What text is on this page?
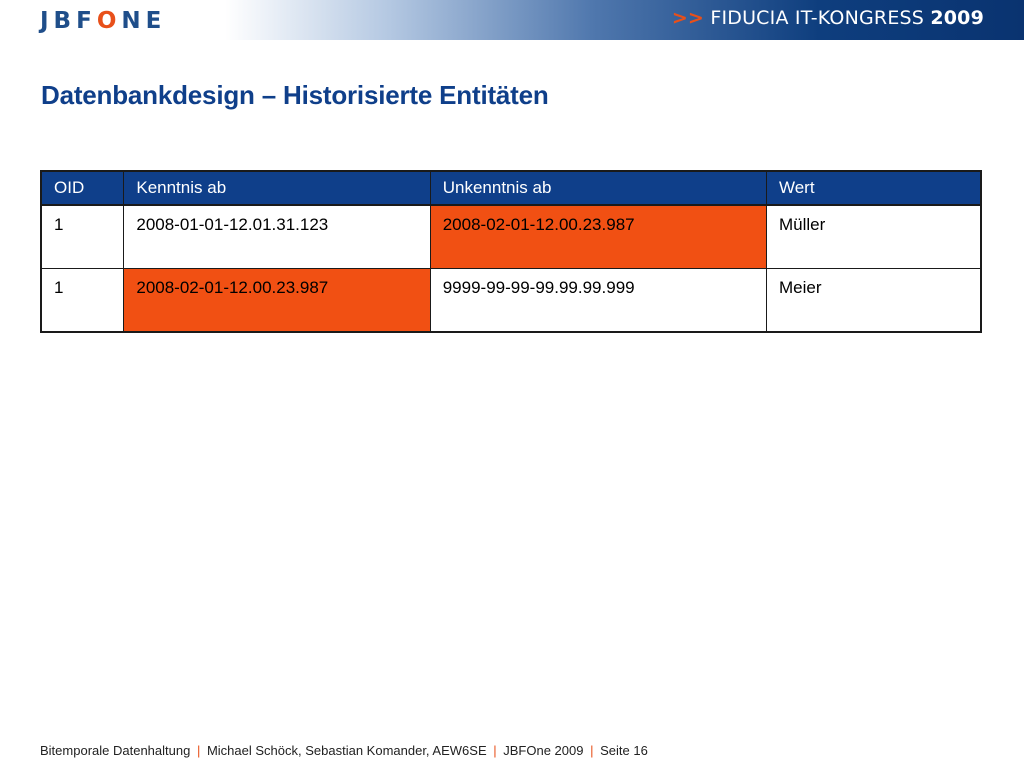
JBFONE	>> FIDUCIA IT-KONGRESS 2009
Datenbankdesign – Historisierte Entitäten
OID	Kenntnis ab	Unkenntnis ab	Wert
1	2008-01-01-12.01.31.123	2008-02-01-12.00.23.987	Müller
1	2008-02-01-12.00.23.987	9999-99-99-99.99.99.999	Meier
Bitemporale Datenhaltung | Michael Schöck, Sebastian Komander, AEW6SE | JBFOne 2009 | Seite 16
